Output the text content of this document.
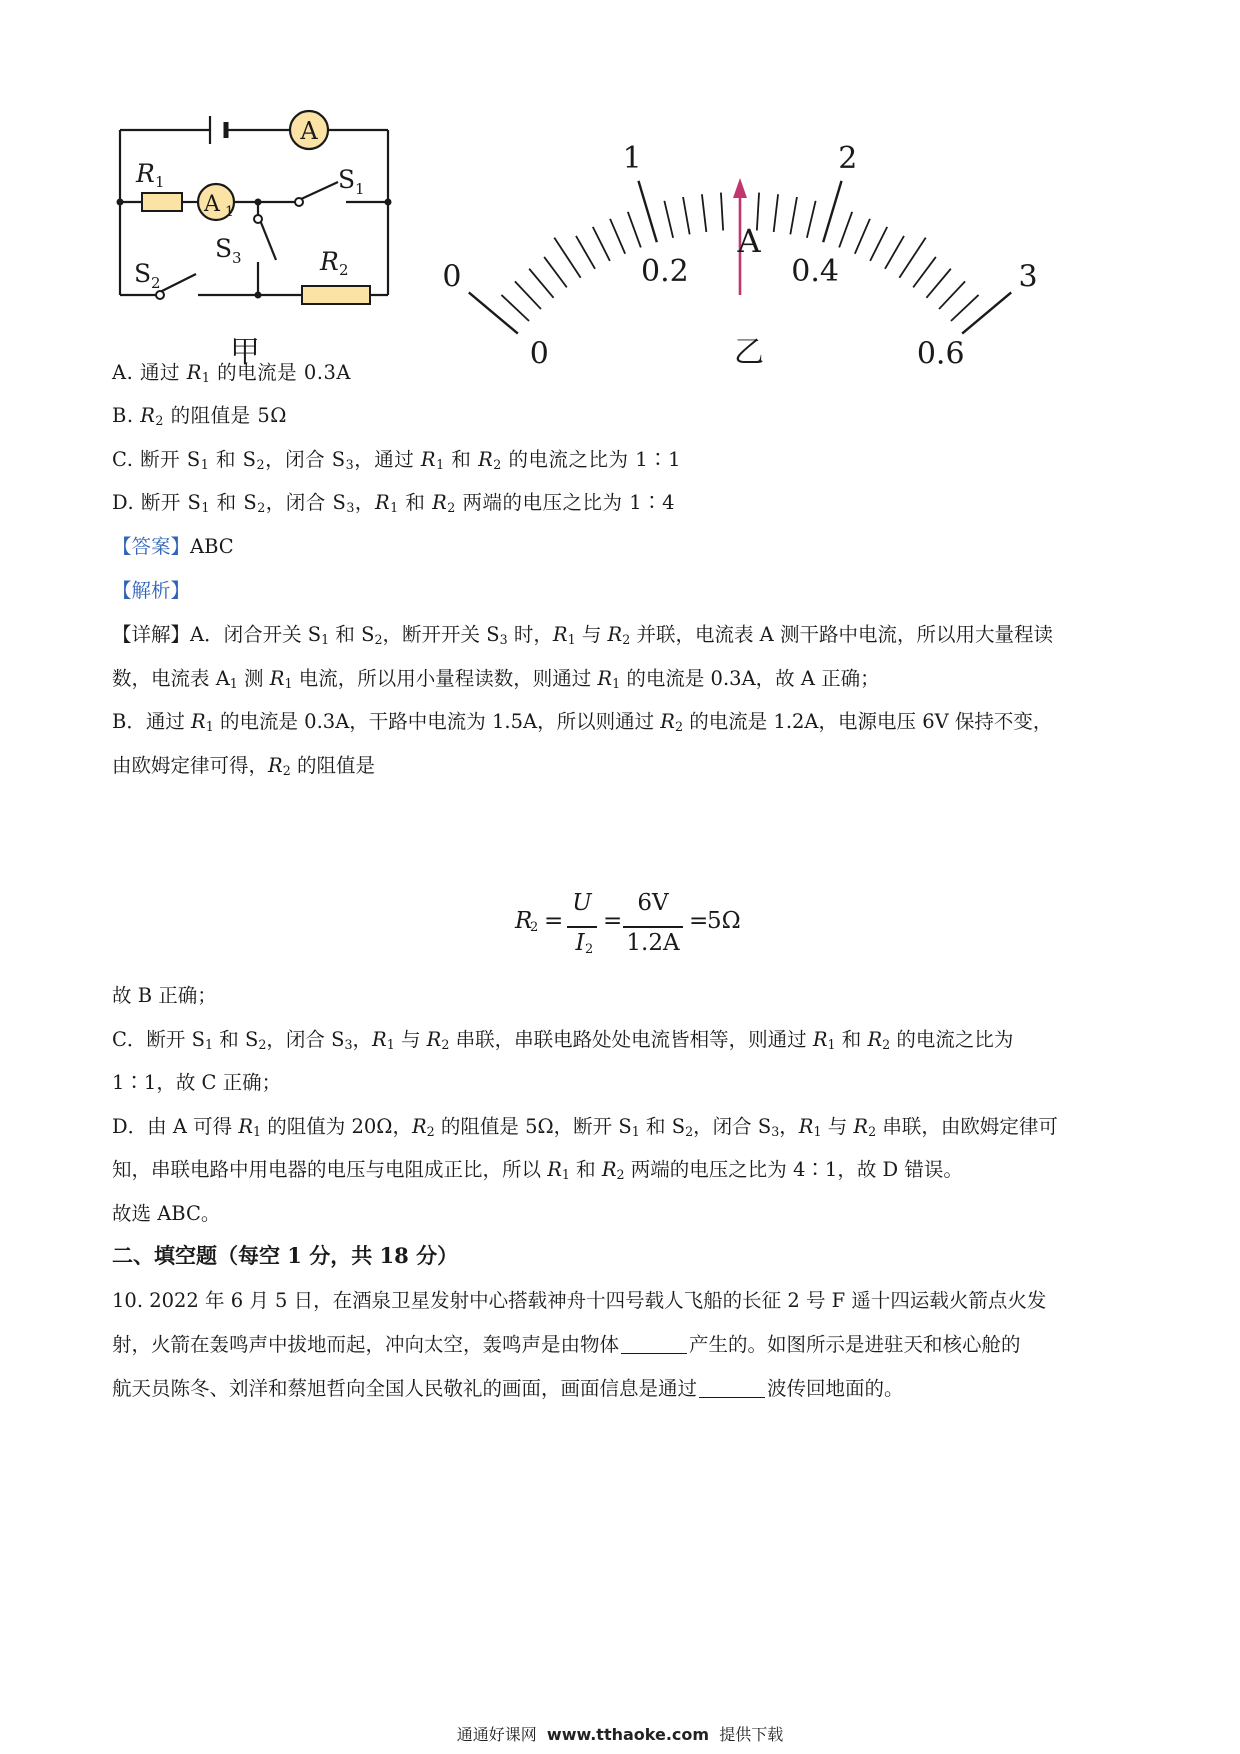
A
A 1
R 1
R 2
S 1
S 3
S 2
甲
0
1	2
3
0
0.2	0.4
0.6
A
乙
A. 通过 $R_1$ 的电流是 0.3A
B. $R_2$ 的阻值是 5Ω
C. 断开 $S_1$ 和 $S_2$，闭合 $S_3$，通过 $R_1$ 和 $R_2$ 的电流之比为 1∶1
D. 断开 $S_1$ 和 $S_2$，闭合 $S_3$，$R_1$ 和 $R_2$ 两端的电压之比为 1∶4
【答案】ABC
【解析】
【详解】A．闭合开关 $S_1$ 和 $S_2$，断开开关 $S_3$ 时，$R_1$ 与 $R_2$ 并联，电流表 A 测干路中电流，所以用大量程读
数，电流表 $A_1$ 测 $R_1$ 电流，所以用小量程读数，则通过 $R_1$ 的电流是 0.3A，故 A 正确；
B．通过 $R_1$ 的电流是 0.3A，干路中电流为 1.5A，所以则通过 $R_2$ 的电流是 1.2A，电源电压 6V 保持不变，
由欧姆定律可得，$R_2$ 的阻值是
R
2 =
U
I 2
=
6V
1.2A
=
5Ω
故 B 正确；
C．断开 $S_1$ 和 $S_2$，闭合 $S_3$，$R_1$ 与 $R_2$ 串联，串联电路处处电流皆相等，则通过 $R_1$ 和 $R_2$ 的电流之比为
1∶1，故 C 正确；
D．由 A 可得 $R_1$ 的阻值为 20Ω，$R_2$ 的阻值是 5Ω，断开 $S_1$ 和 $S_2$，闭合 $S_3$，$R_1$ 与 $R_2$ 串联，由欧姆定律可
知，串联电路中用电器的电压与电阻成正比，所以 $R_1$ 和 $R_2$ 两端的电压之比为 4∶1，故 D 错误。
故选 ABC。
二、填空题（每空 1 分，共 18 分）
10. 2022 年 6 月 5 日，在酒泉卫星发射中心搭载神舟十四号载人飞船的长征 2 号 F 遥十四运载火箭点火发
射，火箭在轰鸣声中拔地而起，冲向太空，轰鸣声是由物体	产生的。如图所示是进驻天和核心舱的
航天员陈冬、刘洋和蔡旭哲向全国人民敬礼的画面，画面信息是通过	波传回地面的。
通通好课网 www.tthaoke.com 提供下载
